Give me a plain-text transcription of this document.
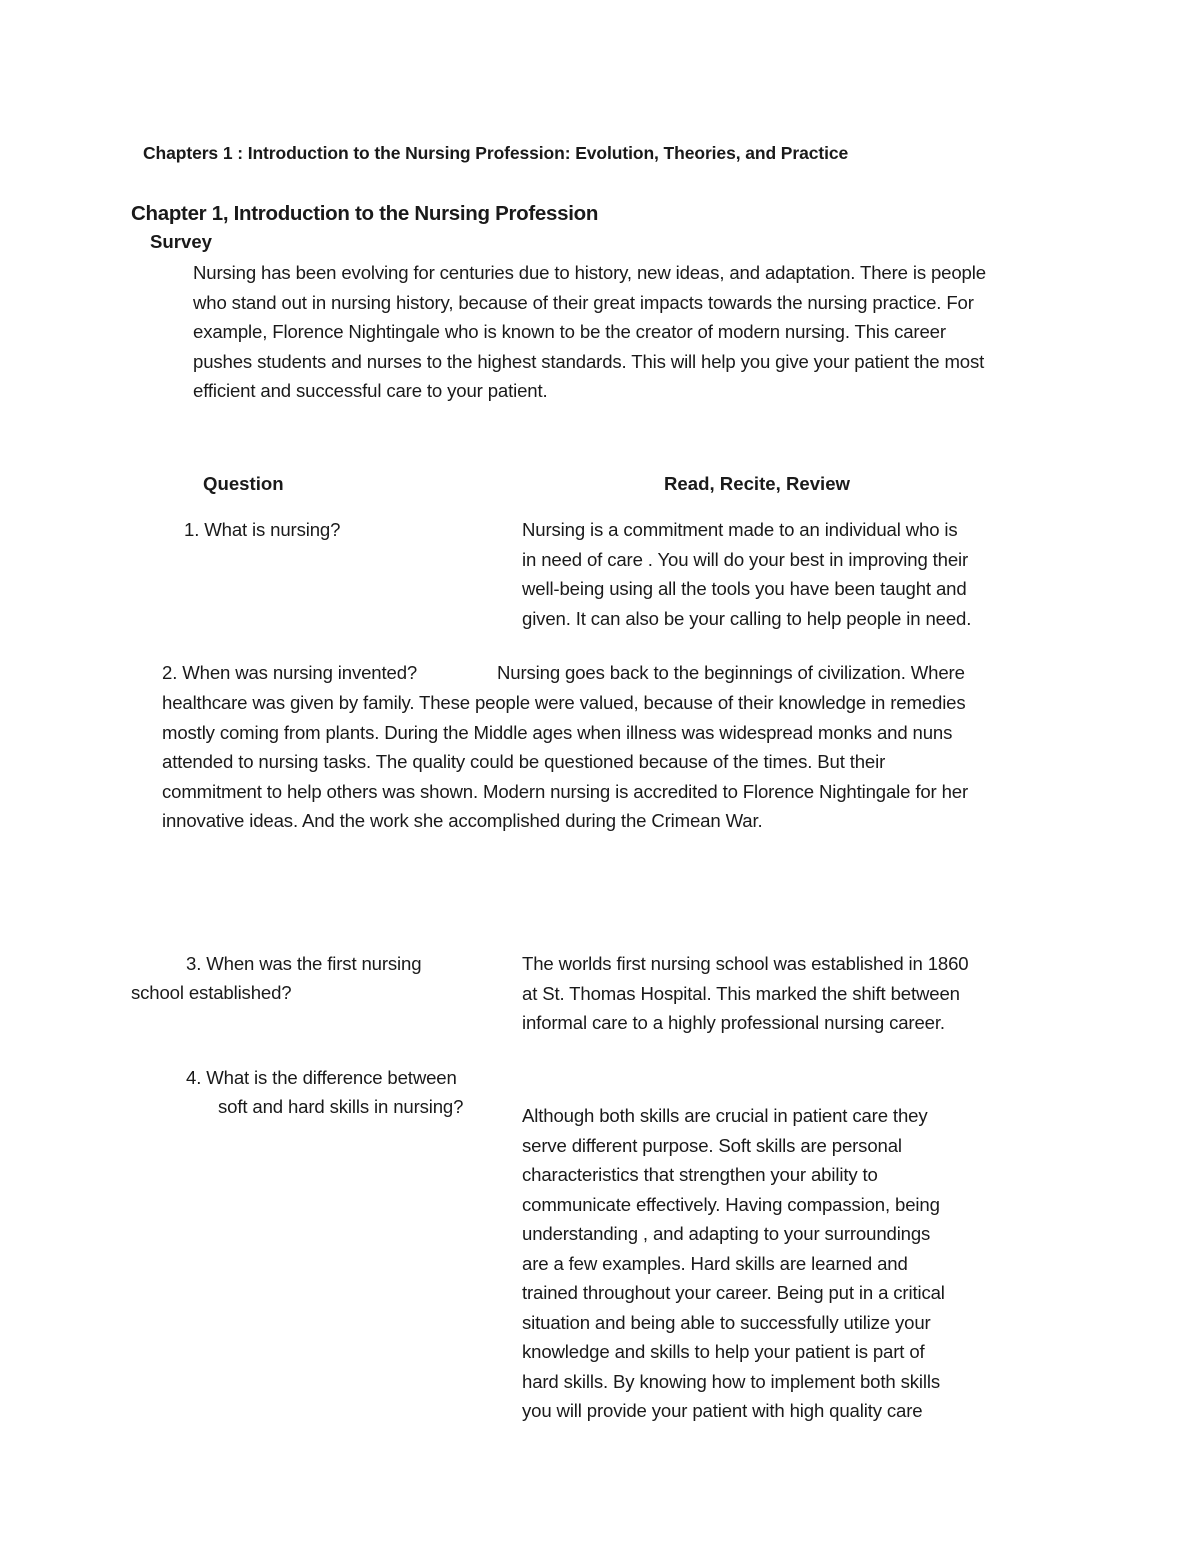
Chapters 1 : Introduction to the Nursing Profession: Evolution, Theories, and Practice
Chapter 1, Introduction to the Nursing Profession
Survey
Nursing has been evolving for centuries due to history, new ideas, and adaptation. There is people
who stand out in nursing history, because of their great impacts towards the nursing practice. For
example, Florence Nightingale who is known to be the creator of modern nursing. This career
pushes students and nurses to the highest standards. This will help you give your patient the most
efficient and successful care to your patient.
Question	Read, Recite, Review
1. What is nursing?	Nursing is a commitment made to an individual who is
in need of care . You will do your best in improving their
well-being using all the tools you have been taught and
given. It can also be your calling to help people in need.
2. When was nursing invented?	Nursing goes back to the beginnings of civilization. Where
healthcare was given by family. These people were valued, because of their knowledge in remedies
mostly coming from plants. During the Middle ages when illness was widespread monks and nuns
attended to nursing tasks. The quality could be questioned because of the times. But their
commitment to help others was shown. Modern nursing is accredited to Florence Nightingale for her
innovative ideas. And the work she accomplished during the Crimean War.
3. When was the first nursing
school established?
The worlds first nursing school was established in 1860
at St. Thomas Hospital. This marked the shift between
informal care to a highly professional nursing career.
4. What is the difference between
soft and hard skills in nursing?	Although both skills are crucial in patient care they
serve different purpose. Soft skills are personal
characteristics that strengthen your ability to
communicate effectively. Having compassion, being
understanding , and adapting to your surroundings
are a few examples. Hard skills are learned and
trained throughout your career. Being put in a critical
situation and being able to successfully utilize your
knowledge and skills to help your patient is part of
hard skills. By knowing how to implement both skills
you will provide your patient with high quality care
